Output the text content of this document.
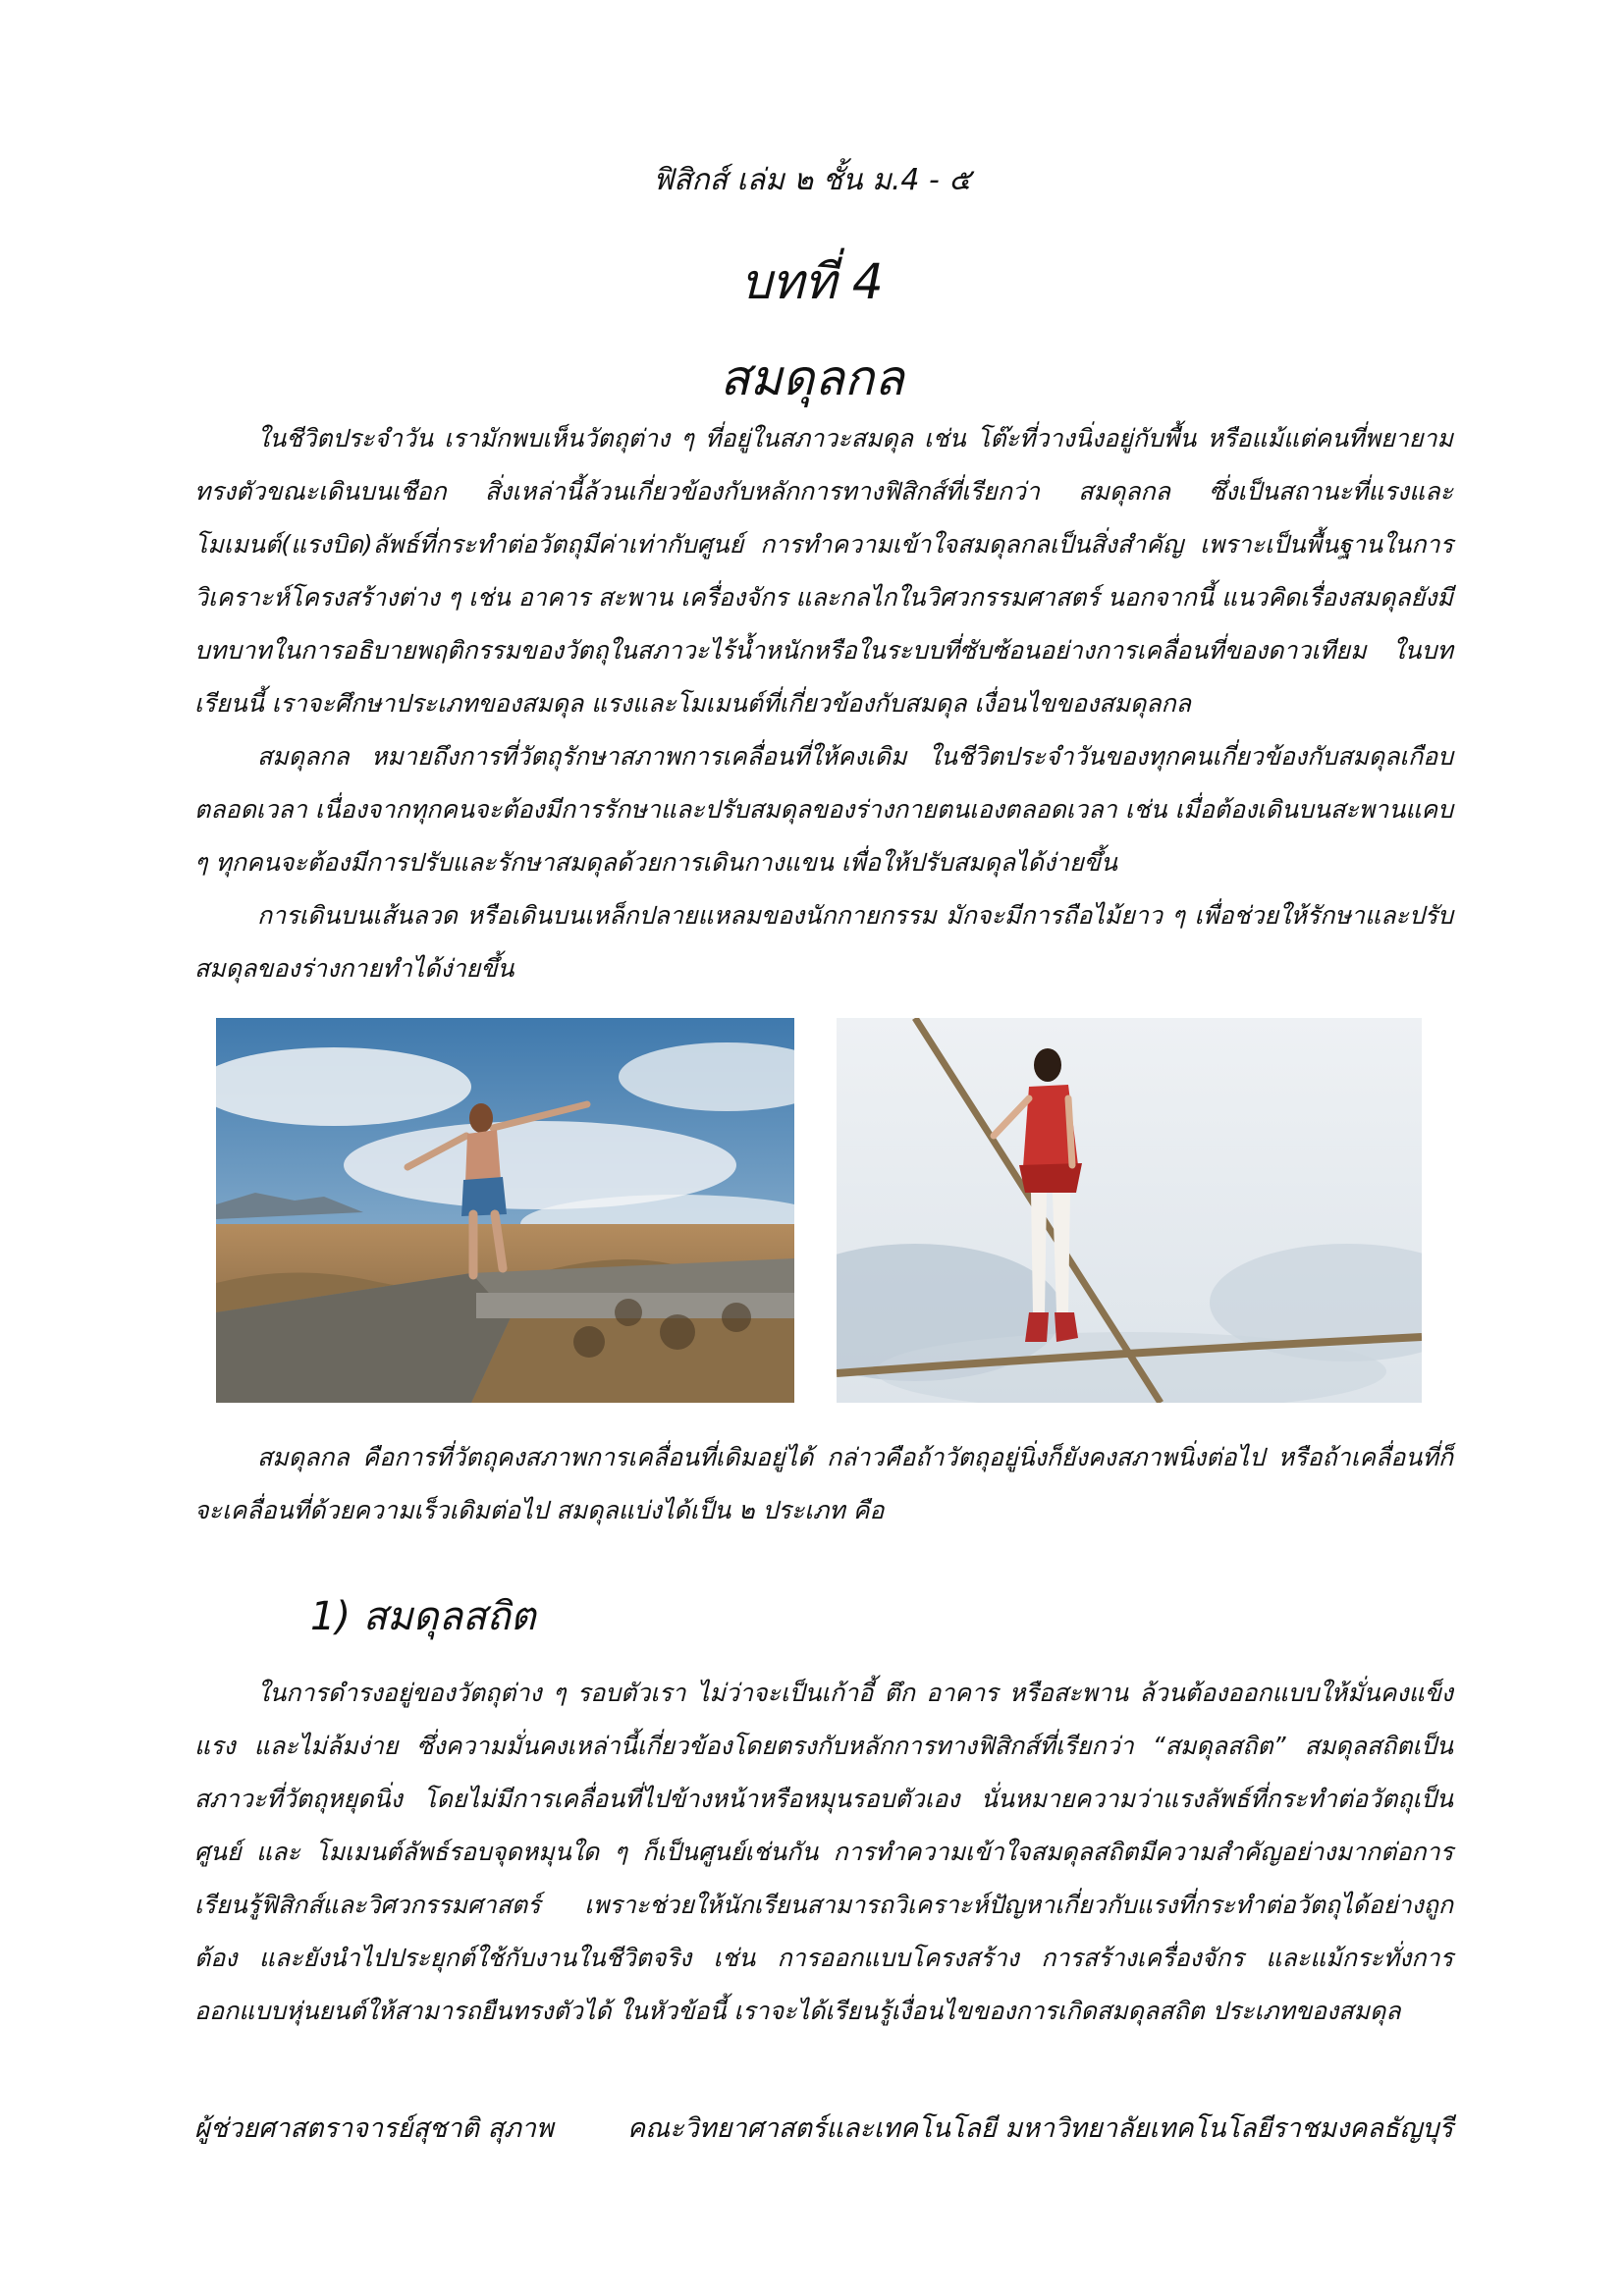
ฟิสิกส์ เล่ม ๒ ชั้น ม.4 - ๕
บทที่ 4
สมดุลกล

ในชีวิตประจำวัน เรามักพบเห็นวัตถุต่าง ๆ ที่อยู่ในสภาวะสมดุล เช่น โต๊ะที่วางนิ่งอยู่กับพื้น หรือแม้แต่คนที่พยายามทรงตัวขณะเดินบนเชือก สิ่งเหล่านี้ล้วนเกี่ยวข้องกับหลักการทางฟิสิกส์ที่เรียกว่า สมดุลกล ซึ่งเป็นสถานะที่แรงและ โมเมนต์(แรงบิด)ลัพธ์ที่กระทำต่อวัตถุมีค่าเท่ากับศูนย์ การทำความเข้าใจสมดุลกลเป็นสิ่งสำคัญ เพราะเป็นพื้นฐานในการวิเคราะห์โครงสร้างต่าง ๆ เช่น อาคาร สะพาน เครื่องจักร และกลไกในวิศวกรรมศาสตร์ นอกจากนี้ แนวคิดเรื่องสมดุลยังมีบทบาทในการอธิบายพฤติกรรมของวัตถุในสภาวะไร้น้ำหนักหรือในระบบที่ซับซ้อนอย่างการเคลื่อนที่ของดาวเทียม ในบทเรียนนี้ เราจะศึกษาประเภทของสมดุล แรงและโมเมนต์ที่เกี่ยวข้องกับสมดุล เงื่อนไขของสมดุลกล

สมดุลกล หมายถึงการที่วัตถุรักษาสภาพการเคลื่อนที่ให้คงเดิม ในชีวิตประจำวันของทุกคนเกี่ยวข้องกับสมดุลเกือบตลอดเวลา เนื่องจากทุกคนจะต้องมีการรักษาและปรับสมดุลของร่างกายตนเองตลอดเวลา เช่น เมื่อต้องเดินบนสะพานแคบ ๆ ทุกคนจะต้องมีการปรับและรักษาสมดุลด้วยการเดินกางแขน เพื่อให้ปรับสมดุลได้ง่ายขึ้น

การเดินบนเส้นลวด หรือเดินบนเหล็กปลายแหลมของนักกายกรรม มักจะมีการถือไม้ยาว ๆ เพื่อช่วยให้รักษาและปรับสมดุลของร่างกายทำได้ง่ายขึ้น

สมดุลกล คือการที่วัตถุคงสภาพการเคลื่อนที่เดิมอยู่ได้ กล่าวคือถ้าวัตถุอยู่นิ่งก็ยังคงสภาพนิ่งต่อไป หรือถ้าเคลื่อนที่ก็จะเคลื่อนที่ด้วยความเร็วเดิมต่อไป สมดุลแบ่งได้เป็น ๒ ประเภท คือ

1) สมดุลสถิต

ในการดำรงอยู่ของวัตถุต่าง ๆ รอบตัวเรา ไม่ว่าจะเป็นเก้าอี้ ตึก อาคาร หรือสะพาน ล้วนต้องออกแบบให้มั่นคงแข็งแรง และไม่ล้มง่าย ซึ่งความมั่นคงเหล่านี้เกี่ยวข้องโดยตรงกับหลักการทางฟิสิกส์ที่เรียกว่า “สมดุลสถิต” สมดุลสถิตเป็นสภาวะที่วัตถุหยุดนิ่ง โดยไม่มีการเคลื่อนที่ไปข้างหน้าหรือหมุนรอบตัวเอง นั่นหมายความว่าแรงลัพธ์ที่กระทำต่อวัตถุเป็นศูนย์ และ โมเมนต์ลัพธ์รอบจุดหมุนใด ๆ ก็เป็นศูนย์เช่นกัน การทำความเข้าใจสมดุลสถิตมีความสำคัญอย่างมากต่อการเรียนรู้ฟิสิกส์และวิศวกรรมศาสตร์ เพราะช่วยให้นักเรียนสามารถวิเคราะห์ปัญหาเกี่ยวกับแรงที่กระทำต่อวัตถุได้อย่างถูกต้อง และยังนำไปประยุกต์ใช้กับงานในชีวิตจริง เช่น การออกแบบโครงสร้าง การสร้างเครื่องจักร และแม้กระทั่งการออกแบบหุ่นยนต์ให้สามารถยืนทรงตัวได้ ในหัวข้อนี้ เราจะได้เรียนรู้เงื่อนไขของการเกิดสมดุลสถิต ประเภทของสมดุล

ผู้ช่วยศาสตราจารย์สุชาติ สุภาพ	คณะวิทยาศาสตร์และเทคโนโลยี มหาวิทยาลัยเทคโนโลยีราชมงคลธัญบุรี
